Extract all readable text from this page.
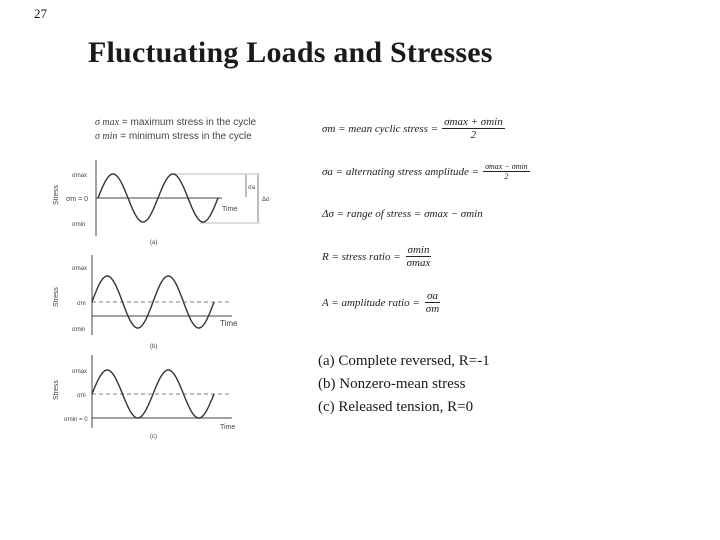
27
Fluctuating Loads and Stresses
σ max = maximum stress in the cycle
σ min = minimum stress in the cycle
σm = mean cyclic stress = $\frac{\sigma\max + \sigma\min}{2}$
σa = alternating stress amplitude = $\frac{\sigma\max - \sigma\min}{2}$
Δσ = range of stress = σmax − σmin
R = stress ratio = $\frac{\sigma\min}{\sigma\max}$
A = amplitude ratio = $\frac{\sigma a}{\sigma m}$
(a) Complete reversed, R=-1
(b) Nonzero-mean stress
(c) Released tension, R=0
Stress
σmax
σm = 0
σmin
σa
Δσ
Time
(a)
Stress
σmax
σm
σmin
Time
(b)
Stress
σmax
σm
σmin = 0
Time
(c)
